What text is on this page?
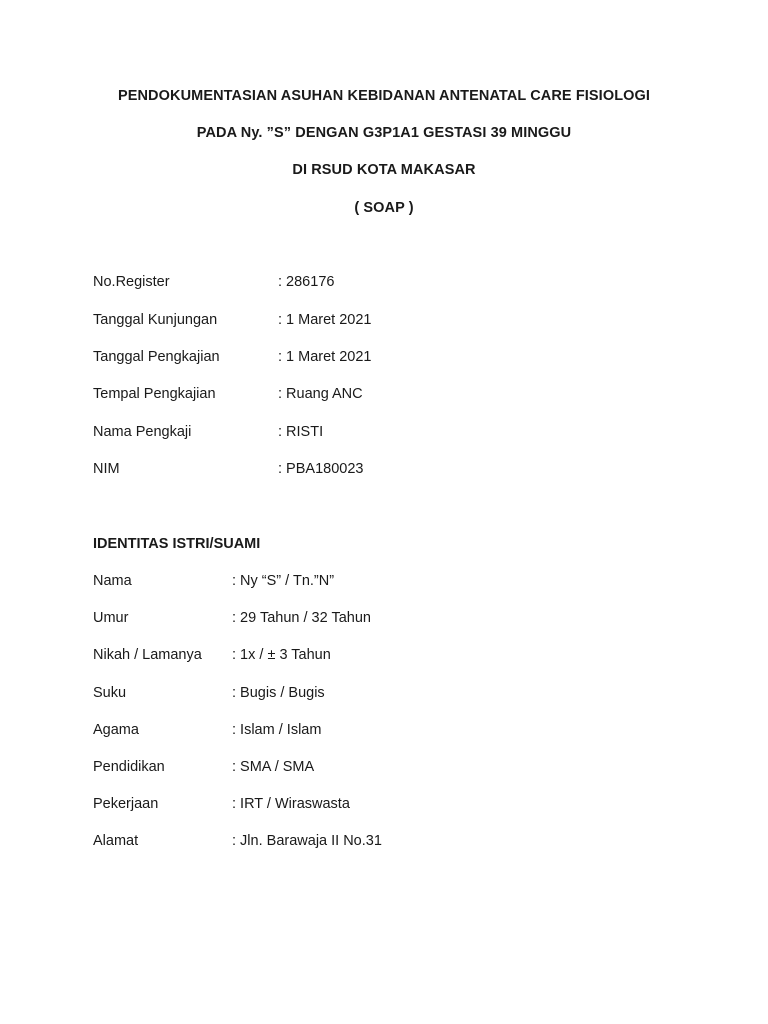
PENDOKUMENTASIAN ASUHAN KEBIDANAN ANTENATAL CARE FISIOLOGI
PADA Ny. ”S” DENGAN G3P1A1 GESTASI 39 MINGGU
DI RSUD KOTA MAKASAR
( SOAP )
No.Register	: 286176
Tanggal Kunjungan	: 1 Maret 2021
Tanggal Pengkajian	: 1 Maret 2021
Tempal Pengkajian	: Ruang ANC
Nama Pengkaji	: RISTI
NIM	: PBA180023
IDENTITAS ISTRI/SUAMI
Nama	: Ny “S” / Tn.”N”
Umur	: 29 Tahun / 32 Tahun
Nikah / Lamanya : 1x / ± 3 Tahun
Suku	: Bugis / Bugis
Agama	: Islam / Islam
Pendidikan	: SMA / SMA
Pekerjaan	: IRT / Wiraswasta
Alamat	: Jln. Barawaja II No.31
